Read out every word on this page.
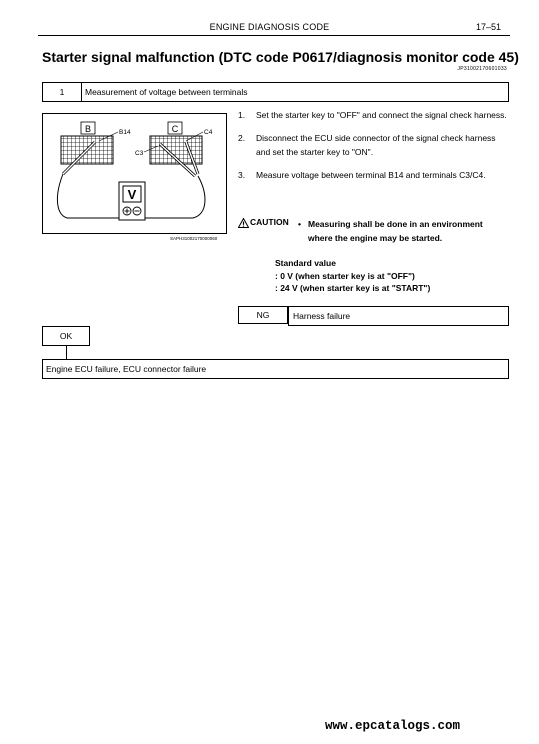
ENGINE DIAGNOSIS CODE	17–51
Starter signal malfunction (DTC code P0617/diagnosis monitor code 45)
JP31002170601033
1	Measurement of voltage between terminals
B	C
B14	C4
C3
V
SAPH31002170000060
1.	Set the starter key to "OFF" and connect the signal check harness.
2.	Disconnect the ECU side connector of the signal check harness and set the starter key to "ON".
3.	Measure voltage between terminal B14 and terminals C3/C4.
CAUTION • Measuring shall be done in an environment where the engine may be started.
Standard value
: 0 V (when starter key is at "OFF")
: 24 V (when starter key is at "START")
NG	Harness failure
OK
Engine ECU failure, ECU connector failure
www.epcatalogs.com
